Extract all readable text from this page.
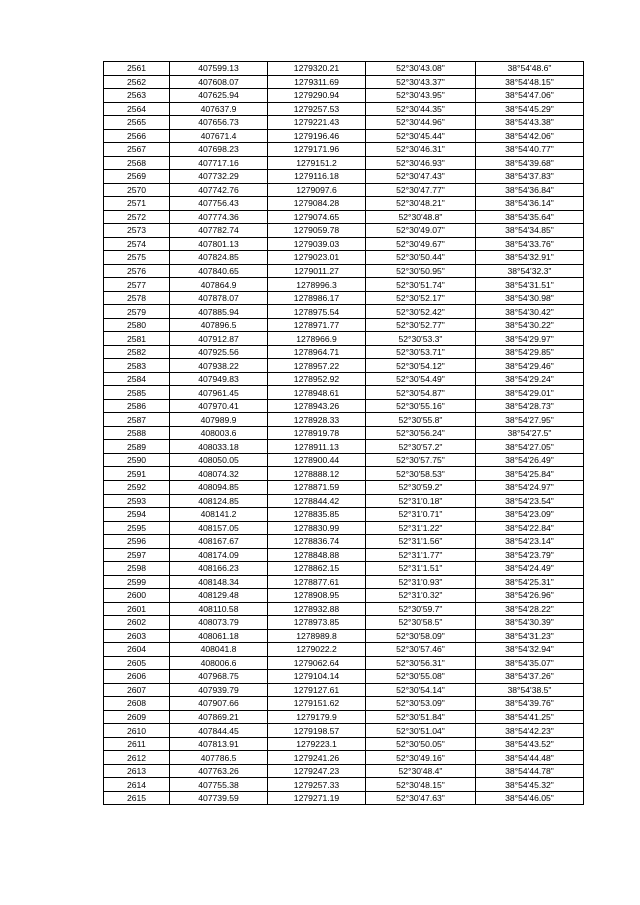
2561	407599.13	1279320.21	52°30'43.08"	38°54'48.6"
2562	407608.07	1279311.69	52°30'43.37"	38°54'48.15"
2563	407625.94	1279290.94	52°30'43.95"	38°54'47.06"
2564	407637.9	1279257.53	52°30'44.35"	38°54'45.29"
2565	407656.73	1279221.43	52°30'44.96"	38°54'43.38"
2566	407671.4	1279196.46	52°30'45.44"	38°54'42.06"
2567	407698.23	1279171.96	52°30'46.31"	38°54'40.77"
2568	407717.16	1279151.2	52°30'46.93"	38°54'39.68"
2569	407732.29	1279116.18	52°30'47.43"	38°54'37.83"
2570	407742.76	1279097.6	52°30'47.77"	38°54'36.84"
2571	407756.43	1279084.28	52°30'48.21"	38°54'36.14"
2572	407774.36	1279074.65	52°30'48.8"	38°54'35.64"
2573	407782.74	1279059.78	52°30'49.07"	38°54'34.85"
2574	407801.13	1279039.03	52°30'49.67"	38°54'33.76"
2575	407824.85	1279023.01	52°30'50.44"	38°54'32.91"
2576	407840.65	1279011.27	52°30'50.95"	38°54'32.3"
2577	407864.9	1278996.3	52°30'51.74"	38°54'31.51"
2578	407878.07	1278986.17	52°30'52.17"	38°54'30.98"
2579	407885.94	1278975.54	52°30'52.42"	38°54'30.42"
2580	407896.5	1278971.77	52°30'52.77"	38°54'30.22"
2581	407912.87	1278966.9	52°30'53.3"	38°54'29.97"
2582	407925.56	1278964.71	52°30'53.71"	38°54'29.85"
2583	407938.22	1278957.22	52°30'54.12"	38°54'29.46"
2584	407949.83	1278952.92	52°30'54.49"	38°54'29.24"
2585	407961.45	1278948.61	52°30'54.87"	38°54'29.01"
2586	407970.41	1278943.26	52°30'55.16"	38°54'28.73"
2587	407989.9	1278928.33	52°30'55.8"	38°54'27.95"
2588	408003.6	1278919.78	52°30'56.24"	38°54'27.5"
2589	408033.18	1278911.13	52°30'57.2"	38°54'27.05"
2590	408050.05	1278900.44	52°30'57.75"	38°54'26.49"
2591	408074.32	1278888.12	52°30'58.53"	38°54'25.84"
2592	408094.85	1278871.59	52°30'59.2"	38°54'24.97"
2593	408124.85	1278844.42	52°31'0.18"	38°54'23.54"
2594	408141.2	1278835.85	52°31'0.71"	38°54'23.09"
2595	408157.05	1278830.99	52°31'1.22"	38°54'22.84"
2596	408167.67	1278836.74	52°31'1.56"	38°54'23.14"
2597	408174.09	1278848.88	52°31'1.77"	38°54'23.79"
2598	408166.23	1278862.15	52°31'1.51"	38°54'24.49"
2599	408148.34	1278877.61	52°31'0.93"	38°54'25.31"
2600	408129.48	1278908.95	52°31'0.32"	38°54'26.96"
2601	408110.58	1278932.88	52°30'59.7"	38°54'28.22"
2602	408073.79	1278973.85	52°30'58.5"	38°54'30.39"
2603	408061.18	1278989.8	52°30'58.09"	38°54'31.23"
2604	408041.8	1279022.2	52°30'57.46"	38°54'32.94"
2605	408006.6	1279062.64	52°30'56.31"	38°54'35.07"
2606	407968.75	1279104.14	52°30'55.08"	38°54'37.26"
2607	407939.79	1279127.61	52°30'54.14"	38°54'38.5"
2608	407907.66	1279151.62	52°30'53.09"	38°54'39.76"
2609	407869.21	1279179.9	52°30'51.84"	38°54'41.25"
2610	407844.45	1279198.57	52°30'51.04"	38°54'42.23"
2611	407813.91	1279223.1	52°30'50.05"	38°54'43.52"
2612	407786.5	1279241.26	52°30'49.16"	38°54'44.48"
2613	407763.26	1279247.23	52°30'48.4"	38°54'44.78"
2614	407755.38	1279257.33	52°30'48.15"	38°54'45.32"
2615	407739.59	1279271.19	52°30'47.63"	38°54'46.05"
